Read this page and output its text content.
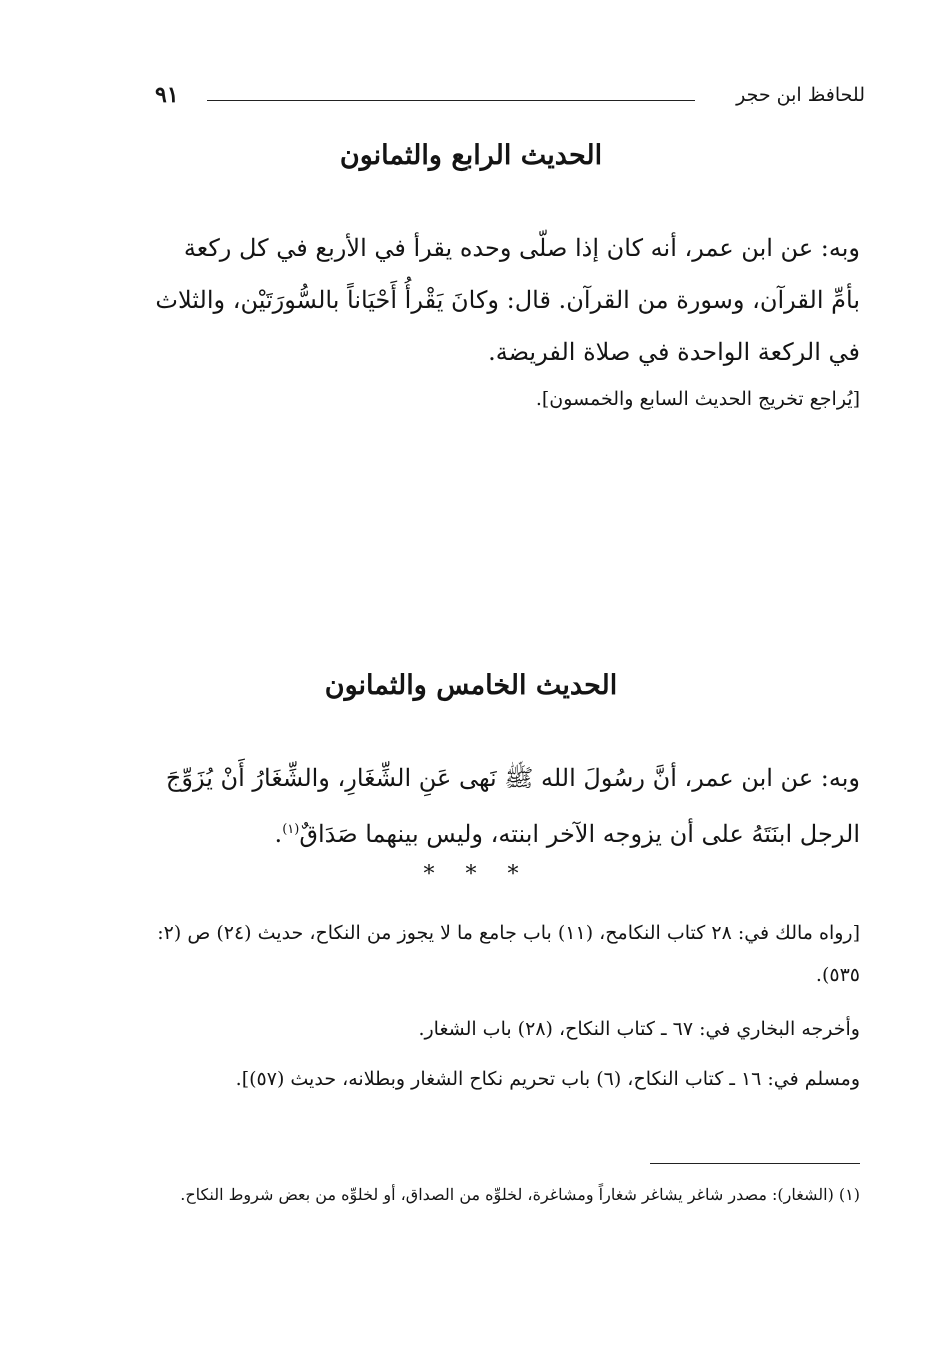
للحافظ ابن حجر
٩١
الحديث الرابع والثمانون
وبه: عن ابن عمر، أنه كان إذا صلّى وحده يقرأ في الأربع في كل ركعة بأمِّ القرآن، وسورة من القرآن. قال: وكانَ يَقْرأُ أَحْيَاناً بالسُّورَتَيْن، والثلاث في الركعة الواحدة في صلاة الفريضة.
[يُراجع تخريج الحديث السابع والخمسون].
الحديث الخامس والثمانون
وبه: عن ابن عمر، أنَّ رسُولَ الله ﷺ نَهى عَنِ الشِّغَارِ، والشِّغَارُ أَنْ يُزَوِّجَ الرجل ابنَتَهُ على أن يزوجه الآخر ابنته، وليس بينهما صَدَاقٌ$^{(١)}$.
* * *
[رواه مالك في: ٢٨ كتاب النكامح، (١١) باب جامع ما لا يجوز من النكاح، حديث (٢٤) ص (٢: ٥٣٥).
وأخرجه البخاري في: ٦٧ ـ كتاب النكاح، (٢٨) باب الشغار.
ومسلم في: ١٦ ـ كتاب النكاح، (٦) باب تحريم نكاح الشغار وبطلانه، حديث (٥٧)].
(١) (الشغار): مصدر شاغر يشاغر شغاراً ومشاغرة، لخلوِّه من الصداق، أو لخلوِّه من بعض شروط النكاح.
